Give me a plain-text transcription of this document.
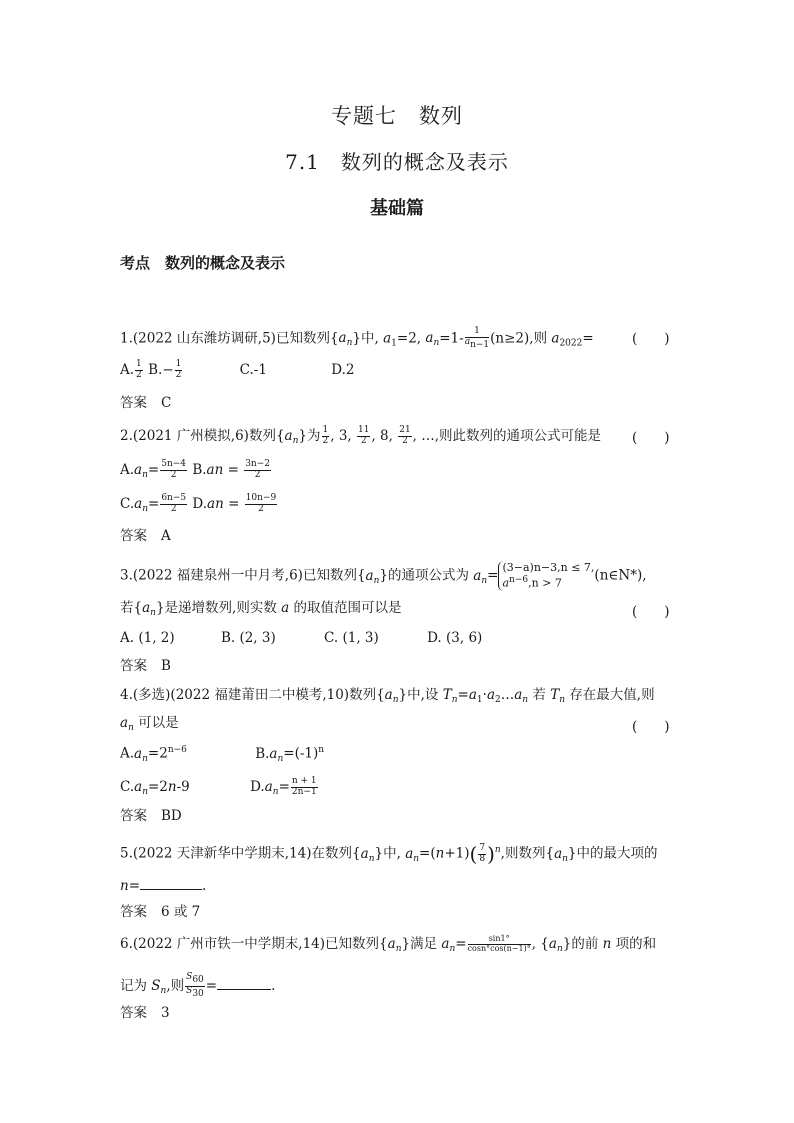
专题七　数列
7.1　数列的概念及表示
基础篇
考点　数列的概念及表示
1.(2022 山东潍坊调研,5)已知数列$\{a_n\}$中, $a_1=2$, $a_n=1- \frac{1}{a_{n-1}} (n\ge 2)$,则 $a_{2022}=$	(　　)
A. $\frac{1}{2} B.- \frac{1}{2}$	C.-1	D.2
答案 C
2.(2021 广州模拟,6)数列$\{a_n\}$为 $\frac{1}{2}$ , 3, $\frac{11}{2}$ , 8, $\frac{21}{2}$ , …,则此数列的通项公式可能是 (　　)
$A.a_n= \frac{5n-4}{2} B.an = \frac{3n-2}{2}$
$C.a_n= \frac{6n-5}{2} D.an = \frac{10n-9}{2}$
答案 A
3.(2022 福建泉州一中月考,6)已知数列$\{a_n\}$的通项公式为 $a_n=$
(3−a)n−3,n ≤ 7,
$a^{n-6},n > 7$	(n∈N*),
若$\{a_n\}$是递增数列,则实数 a 的取值范围可以是	(　　)
A. (1, 2)	B. (2, 3)	C. (1, 3)	D. (3, 6)
答案 B
4.(多选)(2022 福建莆田二中模考,10)数列$\{a_n\}$中,设 $T_n=a_1\cdot a_2\dots a_n$ 若 $T_n$ 存在最大值,则
$a_n$ 可以是	(　　)
$A.a_n=2^{n-6}$	$B.a_n=(-1)^n$
$C.a_n=2n-9$	$D.a_n= \frac{n + 1}{2n-1}$
答案 BD
5.(2022 天津新华中学期末,14)在数列$\{a_n\}$中, $a_n=(n+1)( \frac{7}{8} )^n$,则数列$\{a_n\}$中的最大项的
n=	.
答案 6 或 7
6.(2022 广州市铁一中学期末,14)已知数列$\{a_n\}$满足 $a_n= \frac{\sin 1^\circ}{\cos n^\circ\cos(n-1)^\circ}$ , $\{a_n\}$的前 n 项的和
记为 $S_n$,则 $\frac{S_{60}}{S_{30}}$ =	.
答案 3
